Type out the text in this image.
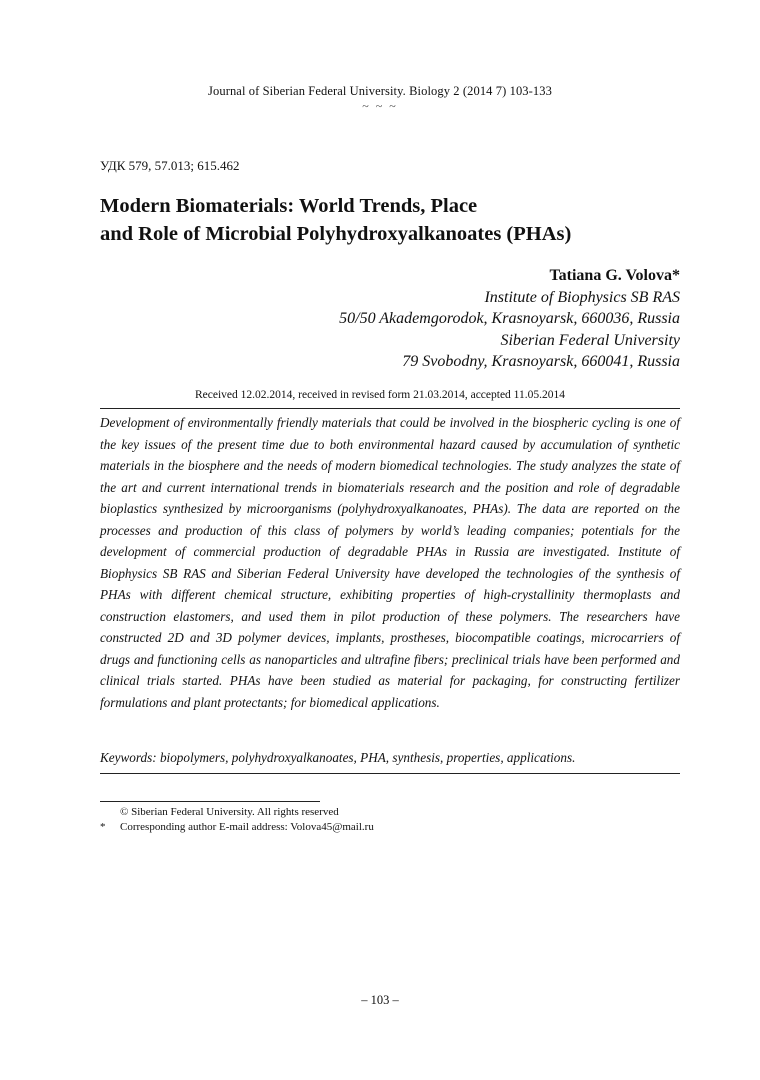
Journal of Siberian Federal University. Biology 2 (2014 7) 103-133
~ ~ ~
УДК 579, 57.013; 615.462
Modern Biomaterials: World Trends, Place
and Role of Microbial Polyhydroxyalkanoates (PHAs)
Tatiana G. Volova*
Institute of Biophysics SB RAS
50/50 Akademgorodok, Krasnoyarsk, 660036, Russia
Siberian Federal University
79 Svobodny, Krasnoyarsk, 660041, Russia
Received 12.02.2014, received in revised form 21.03.2014, accepted 11.05.2014
Development of environmentally friendly materials that could be involved in the biospheric cycling is one of the key issues of the present time due to both environmental hazard caused by accumulation of synthetic materials in the biosphere and the needs of modern biomedical technologies. The study analyzes the state of the art and current international trends in biomaterials research and the position and role of degradable bioplastics synthesized by microorganisms (polyhydroxyalkanoates, PHAs). The data are reported on the processes and production of this class of polymers by world’s leading companies; potentials for the development of commercial production of degradable PHAs in Russia are investigated. Institute of Biophysics SB RAS and Siberian Federal University have developed the technologies of the synthesis of PHAs with different chemical structure, exhibiting properties of high-crystallinity thermoplasts and construction elastomers, and used them in pilot production of these polymers. The researchers have constructed 2D and 3D polymer devices, implants, prostheses, biocompatible coatings, microcarriers of drugs and functioning cells as nanoparticles and ultrafine fibers; preclinical trials have been performed and clinical trials started. PHAs have been studied as material for packaging, for constructing fertilizer formulations and plant protectants; for biomedical applications.
Keywords: biopolymers, polyhydroxyalkanoates, PHA, synthesis, properties, applications.
© Siberian Federal University. All rights reserved
*	Corresponding author E-mail address: Volova45@mail.ru
– 103 –
